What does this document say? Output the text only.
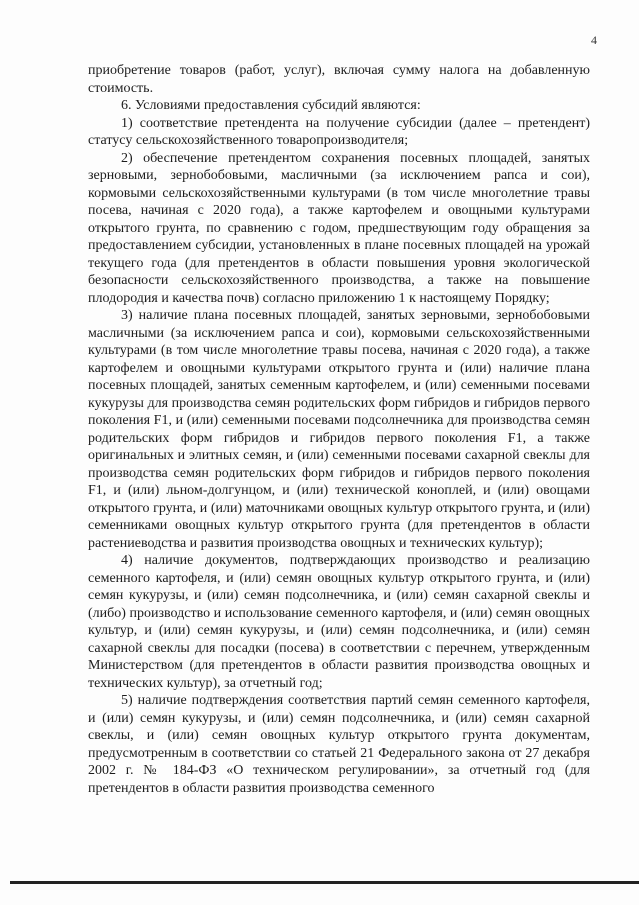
4

приобретение товаров (работ, услуг), включая сумму налога на добавленную стоимость.

6. Условиями предоставления субсидий являются:

1) соответствие претендента на получение субсидии (далее – претендент) статусу сельскохозяйственного товаропроизводителя;

2) обеспечение претендентом сохранения посевных площадей, занятых зерновыми, зернобобовыми, масличными (за исключением рапса и сои), кормовыми сельскохозяйственными культурами (в том числе многолетние травы посева, начиная с 2020 года), а также картофелем и овощными культурами открытого грунта, по сравнению с годом, предшествующим году обращения за предоставлением субсидии, установленных в плане посевных площадей на урожай текущего года (для претендентов в области повышения уровня экологической безопасности сельскохозяйственного производства, а также на повышение плодородия и качества почв) согласно приложению 1 к настоящему Порядку;

3) наличие плана посевных площадей, занятых зерновыми, зернобобовыми масличными (за исключением рапса и сои), кормовыми сельскохозяйственными культурами (в том числе многолетние травы посева, начиная с 2020 года), а также картофелем и овощными культурами открытого грунта и (или) наличие плана посевных площадей, занятых семенным картофелем, и (или) семенными посевами кукурузы для производства семян родительских форм гибридов и гибридов первого поколения F1, и (или) семенными посевами подсолнечника для производства семян родительских форм гибридов и гибридов первого поколения F1, а также оригинальных и элитных семян, и (или) семенными посевами сахарной свеклы для производства семян родительских форм гибридов и гибридов первого поколения F1, и (или) льном-долгунцом, и (или) технической коноплей, и (или) овощами открытого грунта, и (или) маточниками овощных культур открытого грунта, и (или) семенниками овощных культур открытого грунта (для претендентов в области растениеводства и развития производства овощных и технических культур);

4) наличие документов, подтверждающих производство и реализацию семенного картофеля, и (или) семян овощных культур открытого грунта, и (или) семян кукурузы, и (или) семян подсолнечника, и (или) семян сахарной свеклы и (либо) производство и использование семенного картофеля, и (или) семян овощных культур, и (или) семян кукурузы, и (или) семян подсолнечника, и (или) семян сахарной свеклы для посадки (посева) в соответствии с перечнем, утвержденным Министерством (для претендентов в области развития производства овощных и технических культур), за отчетный год;

5) наличие подтверждения соответствия партий семян семенного картофеля, и (или) семян кукурузы, и (или) семян подсолнечника, и (или) семян сахарной свеклы, и (или) семян овощных культур открытого грунта документам, предусмотренным в соответствии со статьей 21 Федерального закона от 27 декабря 2002 г. № 184-ФЗ «О техническом регулировании», за отчетный год (для претендентов в области развития производства семенного
